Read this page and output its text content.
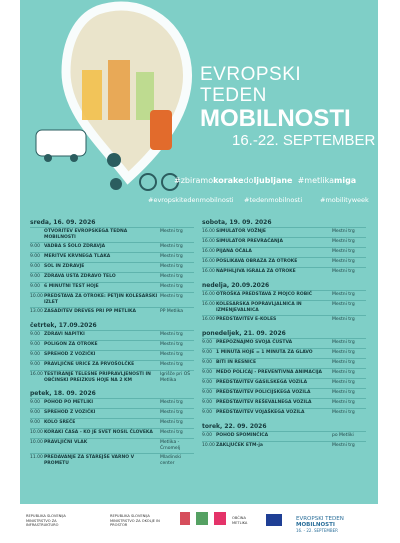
EVROPSKI
TEDEN
MOBILNOSTI
16.-22. SEPTEMBER
#zbiramokorakedoljubljane #metlikamiga
#evropskitedenmobilnosti #tedenmobilnosti	#mobilityweek
sreda, 16. 09. 2026
OTVORITEV EVROPSKEGA TEDNA MOBILNOSTI
Mestni trg
9.00 VADBA S ŠOLO ZDRAVJA	Mestni trg
9.00 MERITVE KRVNEGA TLAKA	Mestni trg
9.00 SOL IN ZDRAVJE	Mestni trg
9.00 ZDRAVA USTA ZDRAVO TELO	Mestni trg
9.00 6 MINUTNI TEST HOJE	Mestni trg
10.00 PREDSTAVA ZA OTROKE: PETJIN KOLESARSKI IZLET
Mestni trg
13.00 ZASADITEV DREVES PRI PP METLIKA	PP Metlika
četrtek, 17.09.2026
9.00 ZDRAVI NAPITKI	Mestni trg
9.00 POLIGON ZA OTROKE	Mestni trg
9.00 SPREHOD Z VOZIČKI	Mestni trg
9.00 PRAVLJIČNE URICE ZA PRVOŠOLČKE	Mestni trg
16.00 TESTIRANJE TELESNE PRIPRAVLJENOSTI IN OBČINSKI PREIZKUS HOJE NA 2 KM
Igrišče pri OŠ Metlika
petek, 18. 09. 2026
9.00 POHOD PO METLIKI	Mestni trg
9.00 SPREHOD Z VOZIČKI	Mestni trg
9.00 KOLO SREČE	Mestni trg
10.00 KORAKI ČASA - KO JE SVET NOSIL ČLOVEKA	Mestni trg
10.00 PRAVLJIČNI VLAK	Metlika - Črnomelj
11.00 PREDAVANJE ZA STAREJŠE VARNO V PROMETU
Mladinski center
sobota, 19. 09. 2026
16.00 SIMULATOR VOŽNJE	Mestni trg
16.00 SIMULATOR PREVRAČANJA	Mestni trg
16.00 PIJANA OČALA	Mestni trg
16.00 POSLIKAVA OBRAZA ZA OTROKE	Mestni trg
16.00 NAPIHLJIVA IGRALA ZA OTROKE	Mestni trg
nedelja, 20.09.2026
16.00 OTROŠKA PREDSTAVA Z MOJCO ROBIČ	Mestni trg
16.00 KOLESARSKA POPRAVLJALNICA IN IZMENJEVALNICA
Mestni trg
16.00 PREDSTAVITEV E-KOLES	Mestni trg
ponedeljek, 21. 09. 2026
9.00 PREPOZNAJMO SVOJA ČUSTVA	Mestni trg
9.00 1 MINUTA HOJE = 1 MINUTA ZA GLAVO	Mestni trg
9.00 BITI IN RESNICE	Mestni trg
9.00 MEDO POLICAJ - PREVENTIVNA ANIMACIJA	Mestni trg
9.00 PREDSTAVITEV GASILSKEGA VOZILA	Mestni trg
9.00 PREDSTAVITEV POLICIJSKEGA VOZILA	Mestni trg
9.00 PREDSTAVITEV REŠEVALNEGA VOZILA	Mestni trg
9.00 PREDSTAVITEV VOJAŠKEGA VOZILA	Mestni trg
torek, 22. 09. 2026
9.00 POHOD SPOMINČICA	po Metliki
10.00 ZAKLJUČEK ETM-ja	Mestni trg
REPUBLIKA SLOVENIJA MINISTRSTVO ZA INFRASTRUKTURO
REPUBLIKA SLOVENIJA MINISTRSTVO ZA OKOLJE IN PROSTOR
OBČINA METLIKA
EVROPSKI TEDEN
MOBILNOSTI
16. - 22. SEPTEMBER
